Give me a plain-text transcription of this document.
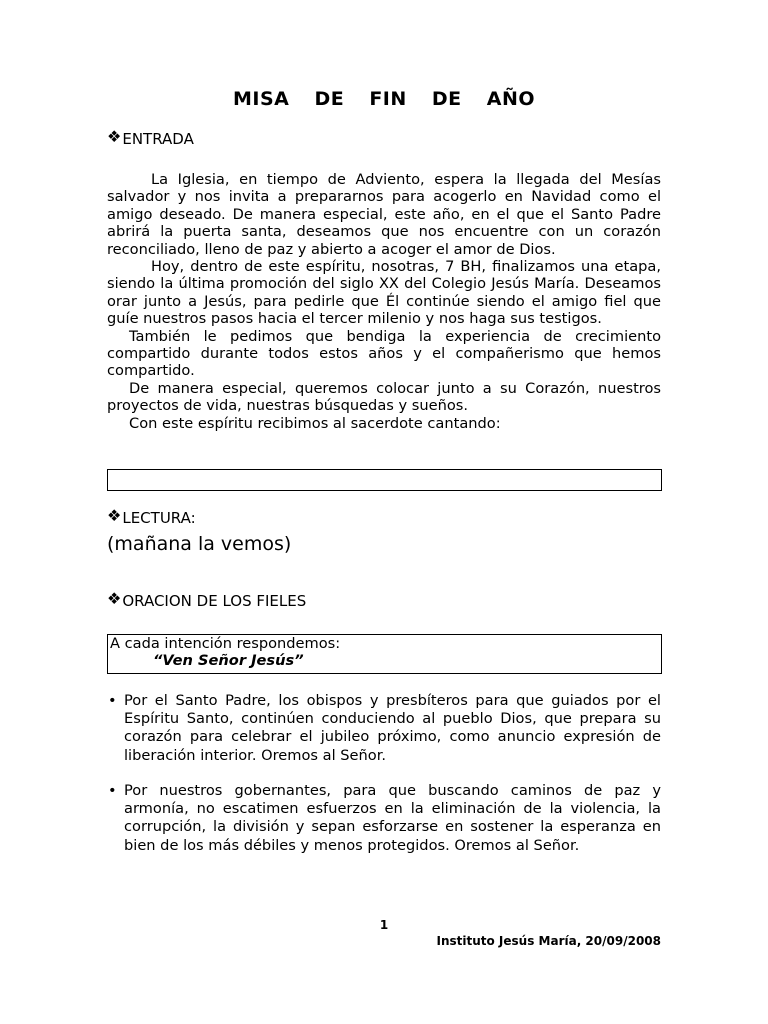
MISA DE FIN DE AÑO
❖ ENTRADA

La Iglesia, en tiempo de Adviento, espera la llegada del Mesías salvador y nos invita a prepararnos para acogerlo en Navidad como el amigo deseado. De manera especial, este año, en el que el Santo Padre abrirá la puerta santa, deseamos que nos encuentre con un corazón reconciliado, lleno de paz y abierto a acoger el amor de Dios.

Hoy, dentro de este espíritu, nosotras, 7 BH, finalizamos una etapa, siendo la última promoción del siglo XX del Colegio Jesús María. Deseamos orar junto a Jesús, para pedirle que Él continúe siendo el amigo fiel que guíe nuestros pasos hacia el tercer milenio y nos haga sus testigos.

También le pedimos que bendiga la experiencia de crecimiento compartido durante todos estos años y el compañerismo que hemos compartido.

De manera especial, queremos colocar junto a su Corazón, nuestros proyectos de vida, nuestras búsquedas y sueños.

Con este espíritu recibimos al sacerdote cantando:

❖ LECTURA:

(mañana la vemos)

❖ ORACION DE LOS FIELES
A cada intención respondemos:
“Ven Señor Jesús”
• Por el Santo Padre, los obispos y presbíteros para que guiados por el Espíritu Santo, continúen conduciendo al pueblo Dios, que prepara su corazón para celebrar el jubileo próximo, como anuncio expresión de liberación interior. Oremos al Señor.
• Por nuestros gobernantes, para que buscando caminos de paz y armonía, no escatimen esfuerzos en la eliminación de la violencia, la corrupción, la división y sepan esforzarse en sostener la esperanza en bien de los más débiles y menos protegidos. Oremos al Señor.
1
Instituto Jesús María, 20/09/2008
